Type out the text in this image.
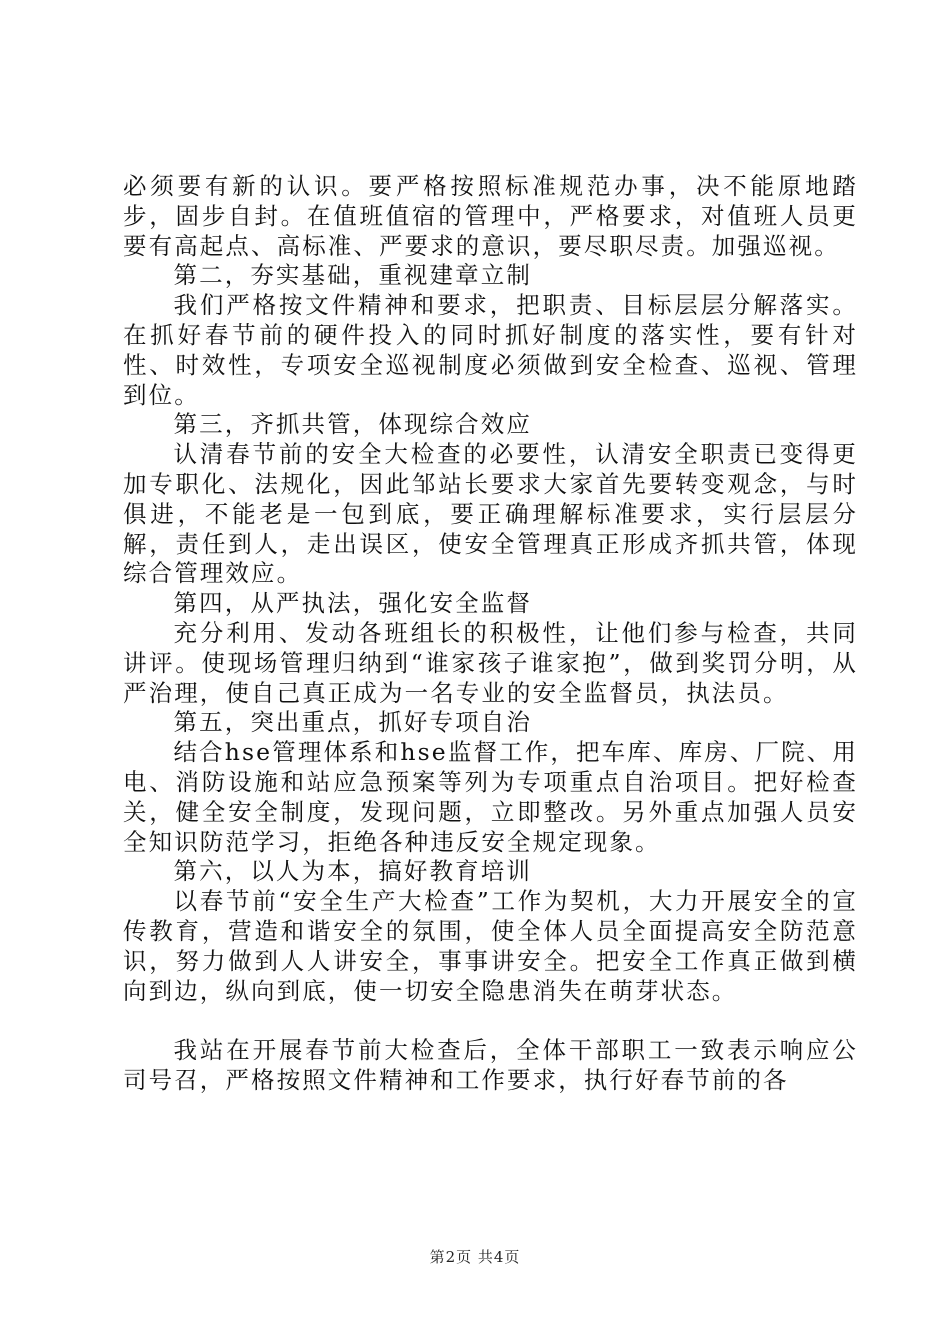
必须要有新的认识。要严格按照标准规范办事，决不能原地踏步，固步自封。在值班值宿的管理中，严格要求，对值班人员更要有高起点、高标准、严要求的意识，要尽职尽责。加强巡视。

第二，夯实基础，重视建章立制

我们严格按文件精神和要求，把职责、目标层层分解落实。在抓好春节前的硬件投入的同时抓好制度的落实性，要有针对性、时效性，专项安全巡视制度必须做到安全检查、巡视、管理到位。

第三，齐抓共管，体现综合效应

认清春节前的安全大检查的必要性，认清安全职责已变得更加专职化、法规化，因此邹站长要求大家首先要转变观念，与时俱进，不能老是一包到底，要正确理解标准要求，实行层层分解，责任到人，走出误区，使安全管理真正形成齐抓共管，体现综合管理效应。

第四，从严执法，强化安全监督

充分利用、发动各班组长的积极性，让他们参与检查，共同讲评。使现场管理归纳到“谁家孩子谁家抱”，做到奖罚分明，从严治理，使自己真正成为一名专业的安全监督员，执法员。

第五，突出重点，抓好专项自治

结合hse管理体系和hse监督工作，把车库、库房、厂院、用电、消防设施和站应急预案等列为专项重点自治项目。把好检查关，健全安全制度，发现问题，立即整改。另外重点加强人员安全知识防范学习，拒绝各种违反安全规定现象。

第六，以人为本，搞好教育培训

以春节前“安全生产大检查”工作为契机，大力开展安全的宣传教育，营造和谐安全的氛围，使全体人员全面提高安全防范意识，努力做到人人讲安全，事事讲安全。把安全工作真正做到横向到边，纵向到底，使一切安全隐患消失在萌芽状态。

我站在开展春节前大检查后，全体干部职工一致表示响应公司号召，严格按照文件精神和工作要求，执行好春节前的各

第2页 共4页
